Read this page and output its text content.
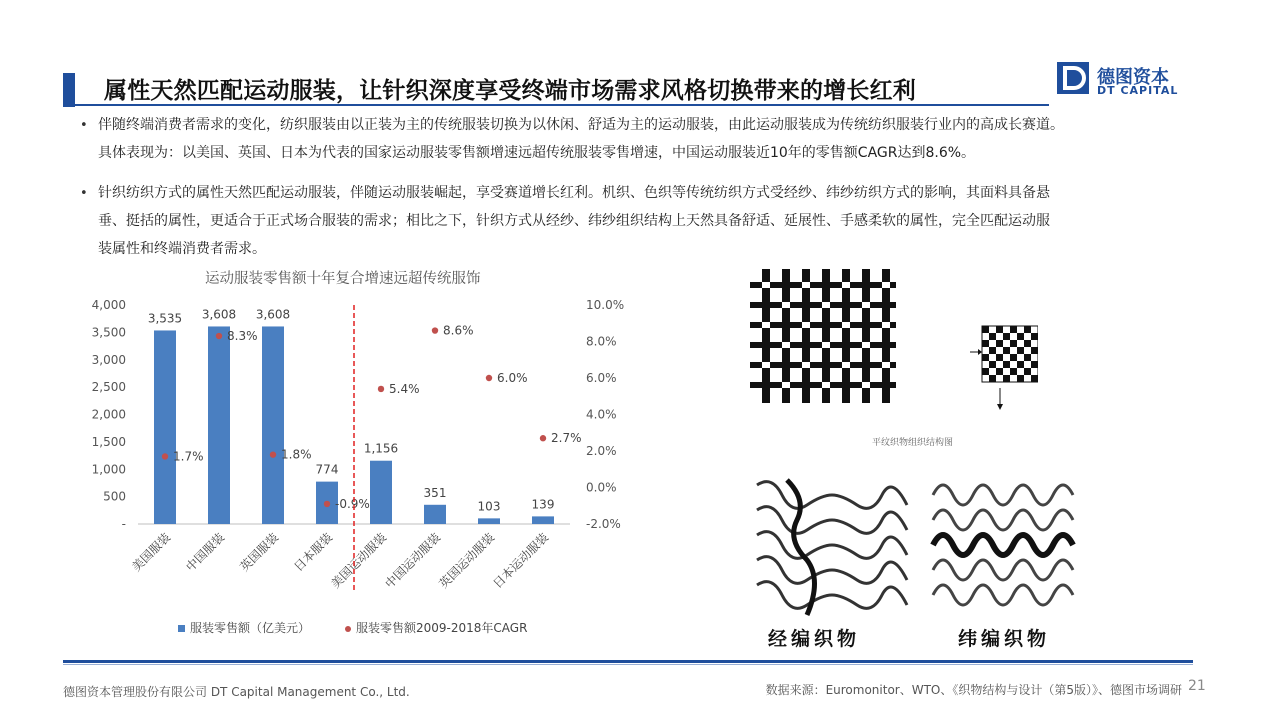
属性天然匹配运动服装，让针织深度享受终端市场需求风格切换带来的增长红利
德图资本
DT CAPITAL
• 伴随终端消费者需求的变化，纺织服装由以正装为主的传统服装切换为以休闲、舒适为主的运动服装，由此运动服装成为传统纺织服装行业内的高成长赛道。
具体表现为：以美国、英国、日本为代表的国家运动服装零售额增速远超传统服装零售增速，中国运动服装近10年的零售额CAGR达到8.6%。
• 针织纺织方式的属性天然匹配运动服装，伴随运动服装崛起，享受赛道增长红利。机织、色织等传统纺织方式受经纱、纬纱纺织方式的影响，其面料具备悬
垂、挺括的属性，更适合于正式场合服装的需求；相比之下，针织方式从经纱、纬纱组织结构上天然具备舒适、延展性、手感柔软的属性，完全匹配运动服
装属性和终端消费者需求。
运动服装零售额十年复合增速远超传统服饰
-
500
1,000
1,500
2,000
2,500
3,000
3,500
4,000
-2.0%
0.0%
2.0%
4.0%
6.0%
8.0%
10.0%
3,535
1.7%
美国服装
3,608
8.3%
中国服装
3,608
1.8%
英国服装
774
-0.9%
日本服装
1,156
5.4%
美国运动服装
351
8.6%
中国运动服装
103
6.0%
英国运动服装
139
2.7%
日本运动服装
服装零售额（亿美元）	服装零售额2009-2018年CAGR
平纹织物组织结构图
经编织物	纬编织物
德图资本管理股份有限公司 DT Capital Management Co., Ltd.	数据来源：Euromonitor、WTO、《织物结构与设计（第5版）》、德图市场调研 21
